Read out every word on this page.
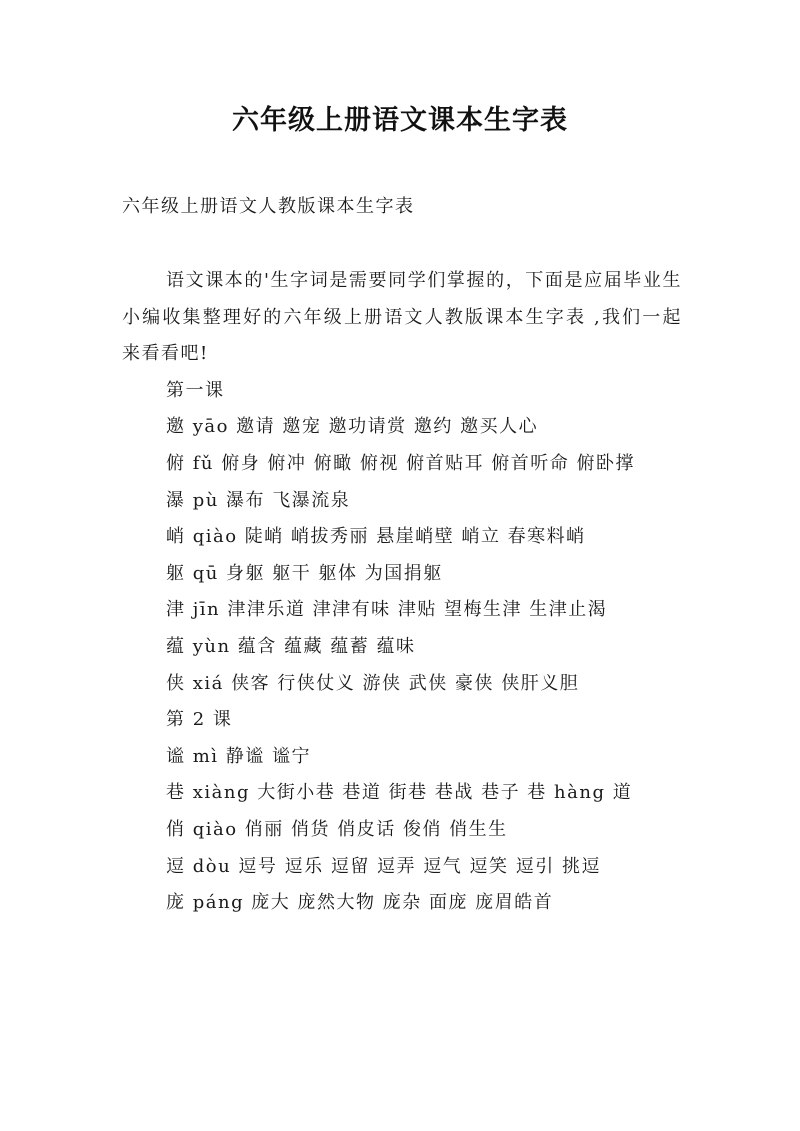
六年级上册语文课本生字表
六年级上册语文人教版课本生字表

语文课本的'生字词是需要同学们掌握的，下面是应届毕业生小编收集整理好的六年级上册语文人教版课本生字表 ,我们一起来看看吧!

第一课

邀 yāo 邀请 邀宠 邀功请赏 邀约 邀买人心

俯 fǔ 俯身 俯冲 俯瞰 俯视 俯首贴耳 俯首听命 俯卧撑

瀑 pù 瀑布 飞瀑流泉

峭 qiào 陡峭 峭拔秀丽 悬崖峭壁 峭立 春寒料峭

躯 qū 身躯 躯干 躯体 为国捐躯

津 jīn 津津乐道 津津有味 津贴 望梅生津 生津止渴

蕴 yùn 蕴含 蕴藏 蕴蓄 蕴味

侠 xiá 侠客 行侠仗义 游侠 武侠 豪侠 侠肝义胆

第 2 课

谧 mì 静谧 谧宁

巷 xiàng 大街小巷 巷道 街巷 巷战 巷子 巷 hàng 道

俏 qiào 俏丽 俏货 俏皮话 俊俏 俏生生

逗 dòu 逗号 逗乐 逗留 逗弄 逗气 逗笑 逗引 挑逗

庞 páng 庞大 庞然大物 庞杂 面庞 庞眉皓首
